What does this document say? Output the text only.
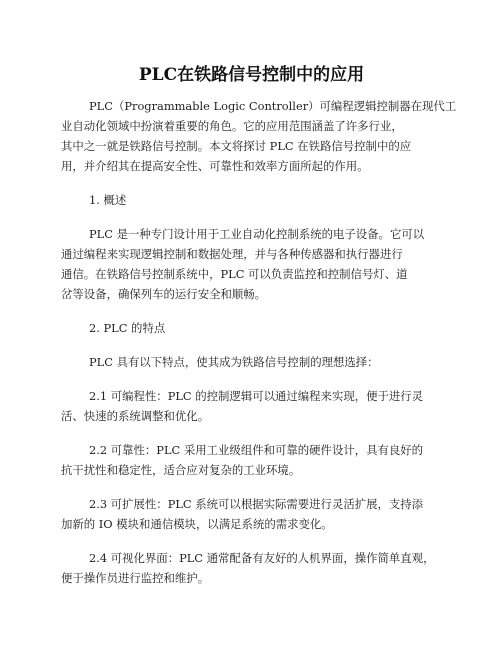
PLC在铁路信号控制中的应用

PLC（Programmable Logic Controller）可编程逻辑控制器在现代工
业自动化领域中扮演着重要的角色。它的应用范围涵盖了许多行业，
其中之一就是铁路信号控制。本文将探讨 PLC 在铁路信号控制中的应
用，并介绍其在提高安全性、可靠性和效率方面所起的作用。

1. 概述

PLC 是一种专门设计用于工业自动化控制系统的电子设备。它可以
通过编程来实现逻辑控制和数据处理，并与各种传感器和执行器进行
通信。在铁路信号控制系统中，PLC 可以负责监控和控制信号灯、道
岔等设备，确保列车的运行安全和顺畅。

2. PLC 的特点

PLC 具有以下特点，使其成为铁路信号控制的理想选择：

2.1 可编程性：PLC 的控制逻辑可以通过编程来实现，便于进行灵
活、快速的系统调整和优化。

2.2 可靠性：PLC 采用工业级组件和可靠的硬件设计，具有良好的
抗干扰性和稳定性，适合应对复杂的工业环境。

2.3 可扩展性：PLC 系统可以根据实际需要进行灵活扩展，支持添
加新的 IO 模块和通信模块，以满足系统的需求变化。

2.4 可视化界面：PLC 通常配备有友好的人机界面，操作简单直观，
便于操作员进行监控和维护。
